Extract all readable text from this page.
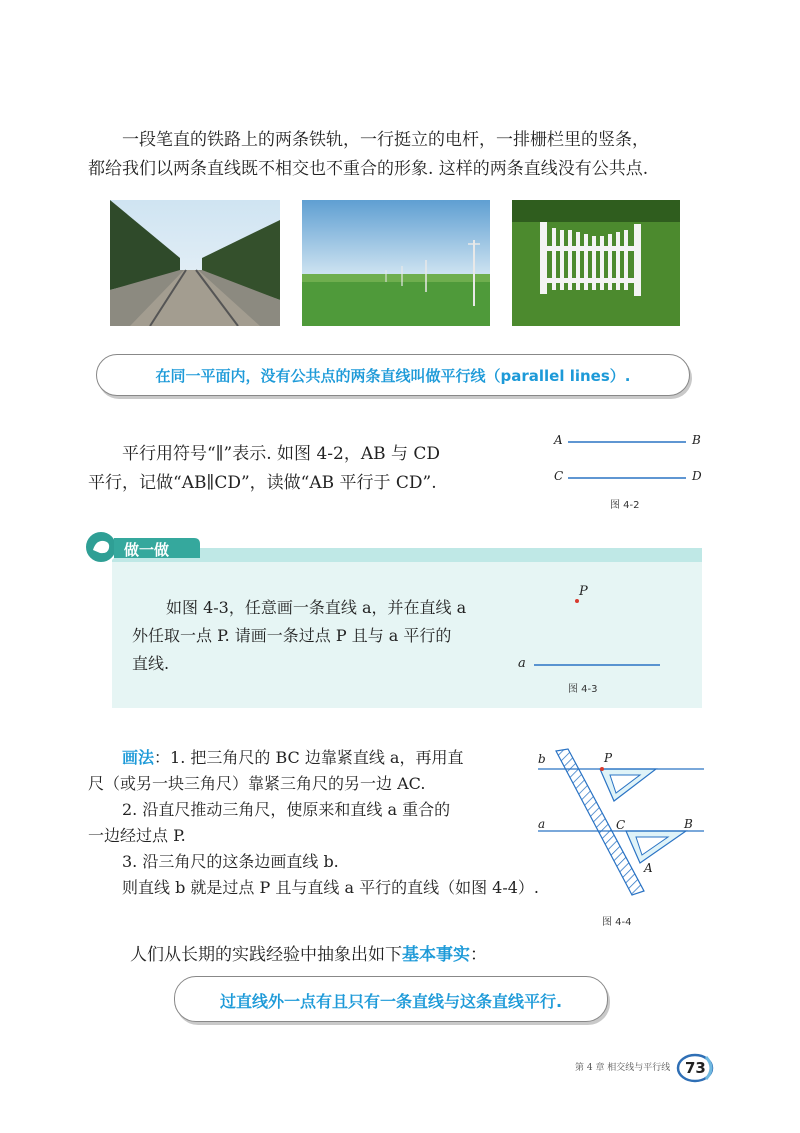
一段笔直的铁路上的两条铁轨，一行挺立的电杆，一排栅栏里的竖条，

都给我们以两条直线既不相交也不重合的形象. 这样的两条直线没有公共点.

在同一平面内，没有公共点的两条直线叫做平行线（parallel lines）.

平行用符号“∥”表示. 如图 4-2，AB 与 CD

平行，记做“AB∥CD”，读做“AB 平行于 CD”.

A	B
C	D
图 4-2
做一做

如图 4-3，任意画一条直线 a，并在直线 a

外任取一点 P. 请画一条过点 P 且与 a 平行的

直线.

P
a
图 4-3

画法：1. 把三角尺的 BC 边靠紧直线 a，再用直

尺（或另一块三角尺）靠紧三角尺的另一边 AC.

2. 沿直尺推动三角尺，使原来和直线 a 重合的

一边经过点 P.

3. 沿三角尺的这条边画直线 b.

则直线 b 就是过点 P 且与直线 a 平行的直线（如图 4-4）.

b	P
a	C	B
A
图 4-4

人们从长期的实践经验中抽象出如下基本事实：

过直线外一点有且只有一条直线与这条直线平行.
第 4 章 相交线与平行线 73
